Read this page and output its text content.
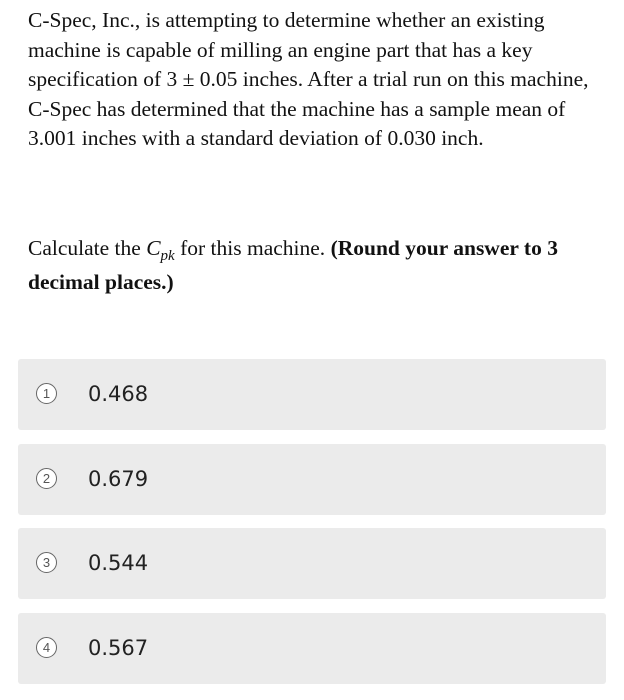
C-Spec, Inc., is attempting to determine whether an existing machine is capable of milling an engine part that has a key specification of 3 ± 0.05 inches. After a trial run on this machine, C-Spec has determined that the machine has a sample mean of 3.001 inches with a standard deviation of 0.030 inch.

Calculate the $C_{pk}$ for this machine. (Round your answer to 3 decimal places.)
1	0.468
2	0.679
3	0.544
4	0.567
